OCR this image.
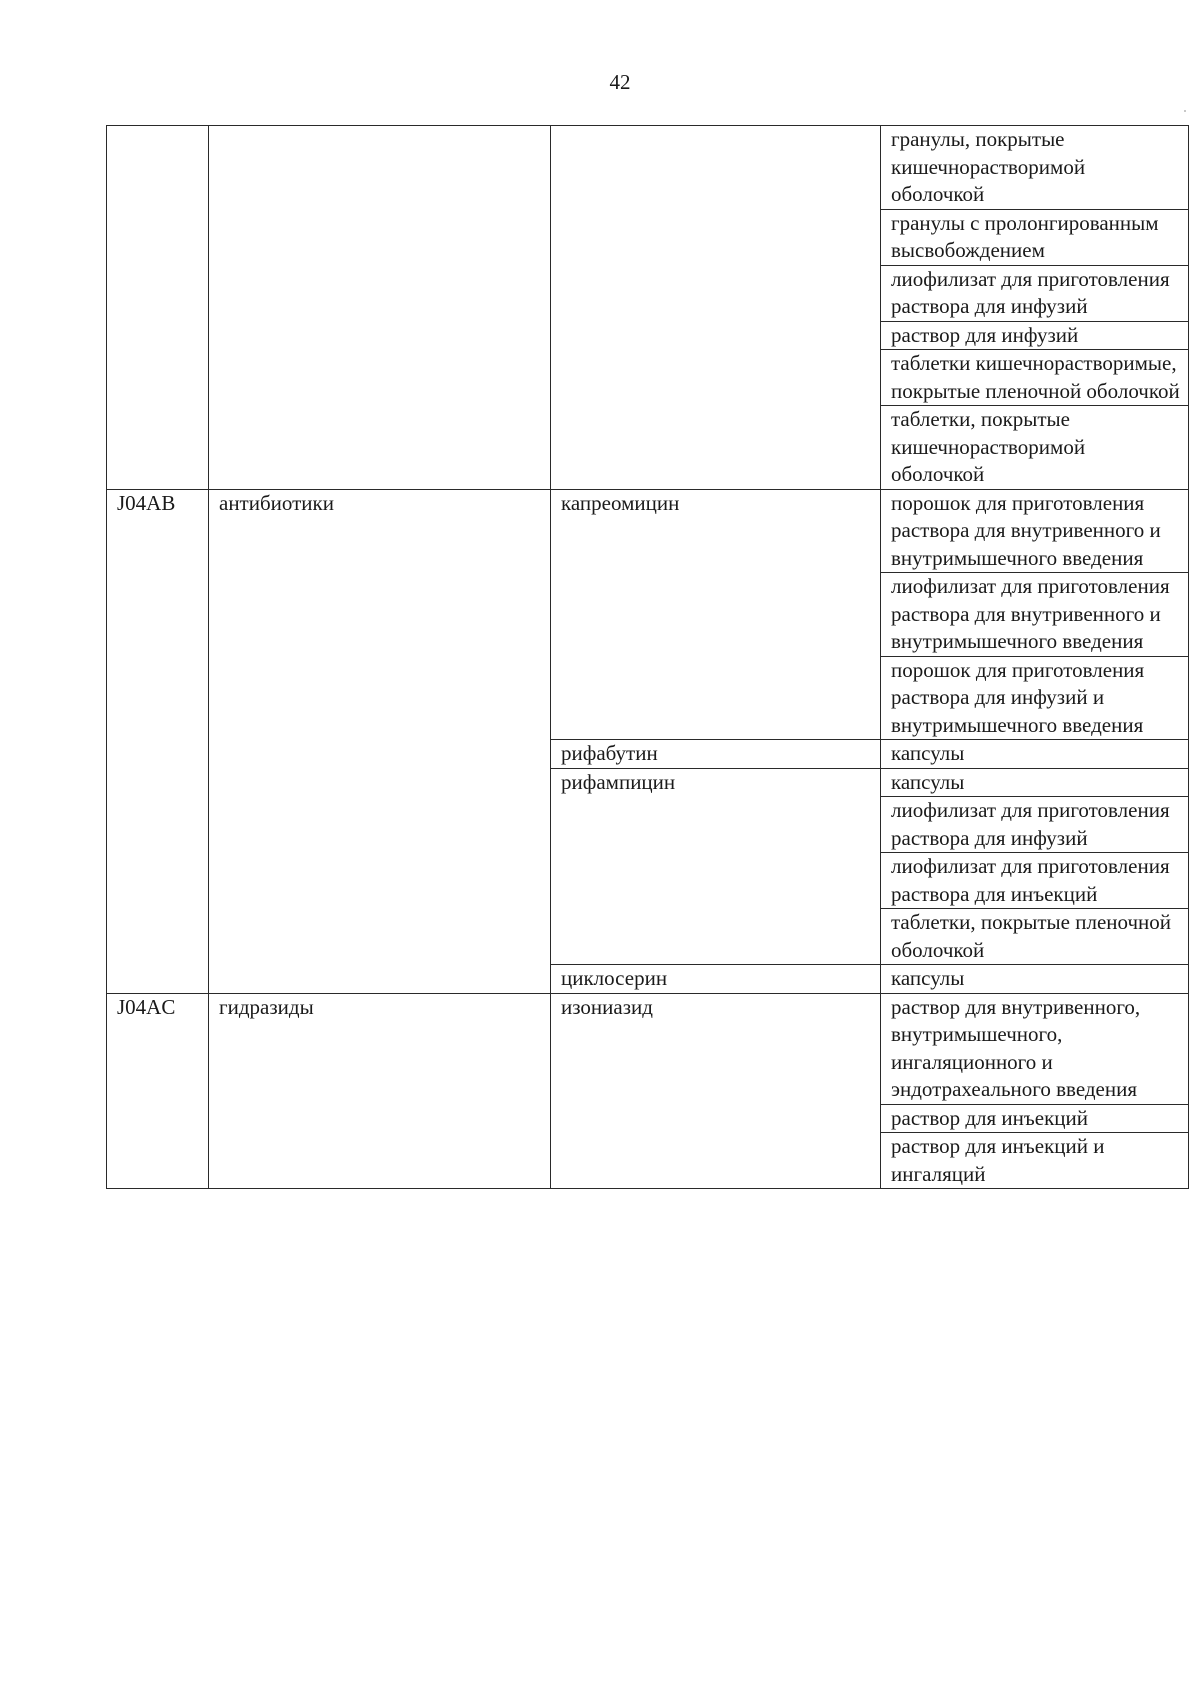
42

			гранулы, покрытые кишечнорастворимой оболочкой

			гранулы с пролонгированным высвобождением

			лиофилизат для приготовления раствора для инфузий

			раствор для инфузий

			таблетки кишечнорастворимые, покрытые пленочной оболочкой

			таблетки, покрытые кишечнорастворимой оболочкой

J04AB	антибиотики	капреомицин	порошок для приготовления раствора для внутривенного и внутримышечного введения

			лиофилизат для приготовления раствора для внутривенного и внутримышечного введения

			порошок для приготовления раствора для инфузий и внутримышечного введения

		рифабутин	капсулы

		рифампицин	капсулы

			лиофилизат для приготовления раствора для инфузий

			лиофилизат для приготовления раствора для инъекций

			таблетки, покрытые пленочной оболочкой

		циклосерин	капсулы

J04AC	гидразиды	изониазид	раствор для внутривенного, внутримышечного, ингаляционного и эндотрахеального введения

			раствор для инъекций

			раствор для инъекций и ингаляций
